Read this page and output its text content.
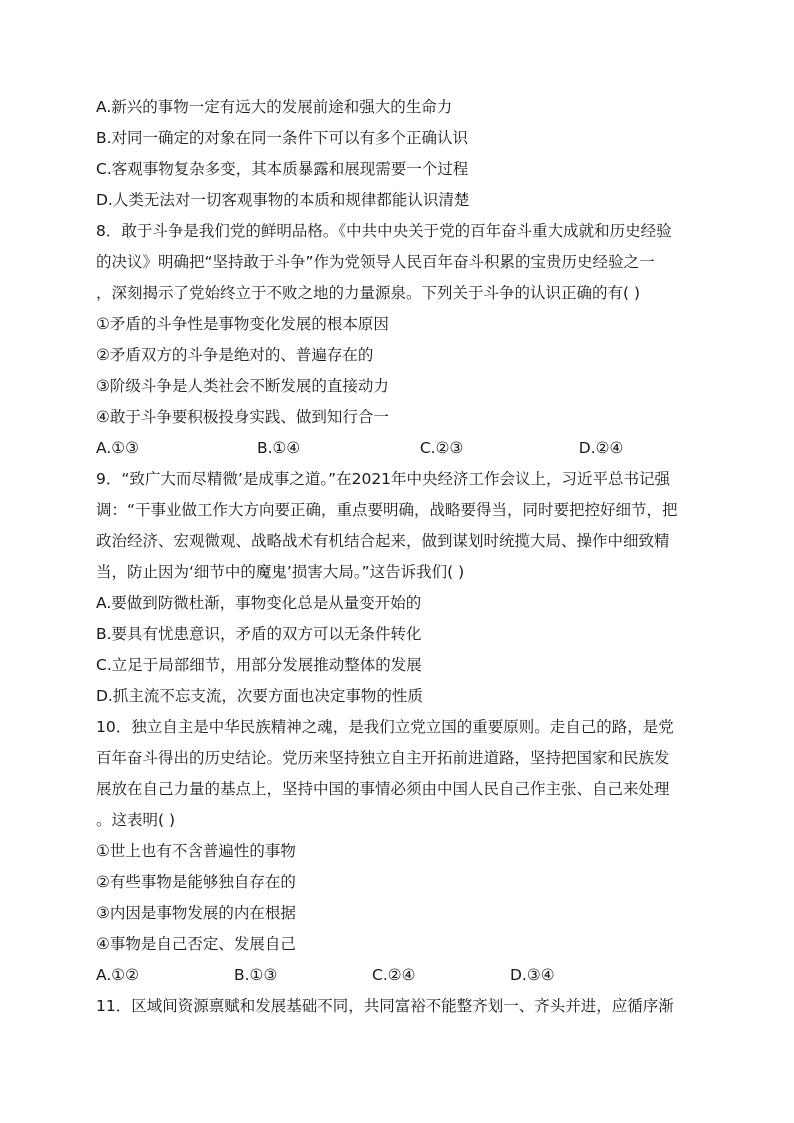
A.新兴的事物一定有远大的发展前途和强大的生命力
B.对同一确定的对象在同一条件下可以有多个正确认识
C.客观事物复杂多变，其本质暴露和展现需要一个过程
D.人类无法对一切客观事物的本质和规律都能认识清楚
8．敢于斗争是我们党的鲜明品格。《中共中央关于党的百年奋斗重大成就和历史经验
的决议》明确把“坚持敢于斗争”作为党领导人民百年奋斗积累的宝贵历史经验之一
，深刻揭示了党始终立于不败之地的力量源泉。下列关于斗争的认识正确的有( )
①矛盾的斗争性是事物变化发展的根本原因
②矛盾双方的斗争是绝对的、普遍存在的
③阶级斗争是人类社会不断发展的直接动力
④敢于斗争要积极投身实践、做到知行合一
A.①③	B.①④	C.②③	D.②④
9．“致广大而尽精微’是成事之道。”在2021年中央经济工作会议上，习近平总书记强
调：“干事业做工作大方向要正确，重点要明确，战略要得当，同时要把控好细节，把
政治经济、宏观微观、战略战术有机结合起来，做到谋划时统揽大局、操作中细致精
当，防止因为ʻ细节中的魔鬼’损害大局。”这告诉我们( )
A.要做到防微杜渐，事物变化总是从量变开始的
B.要具有忧患意识，矛盾的双方可以无条件转化
C.立足于局部细节，用部分发展推动整体的发展
D.抓主流不忘支流，次要方面也决定事物的性质
10．独立自主是中华民族精神之魂，是我们立党立国的重要原则。走自己的路，是党
百年奋斗得出的历史结论。党历来坚持独立自主开拓前进道路，坚持把国家和民族发
展放在自己力量的基点上，坚持中国的事情必须由中国人民自己作主张、自己来处理
。这表明( )
①世上也有不含普遍性的事物
②有些事物是能够独自存在的
③内因是事物发展的内在根据
④事物是自己否定、发展自己
A.①②	B.①③	C.②④	D.③④
11．区域间资源禀赋和发展基础不同，共同富裕不能整齐划一、齐头并进，应循序渐
